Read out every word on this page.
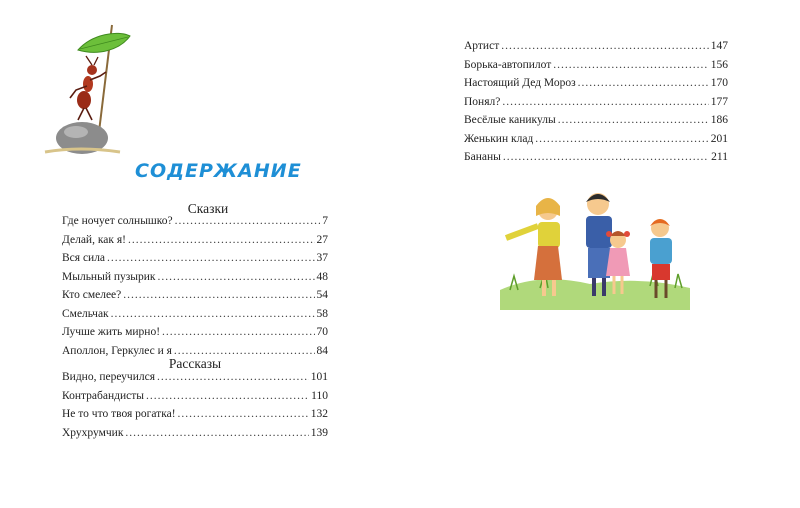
СОДЕРЖАНИЕ
Сказки
Где ночует солнышко? .....	7
Делай, как я! .....	27
Вся сила .....	37
Мыльный пузырик .....	48
Кто смелее? .....	54
Смельчак .....	58
Лучше жить мирно! .....	70
Аполлон, Геркулес и я .....	84
Рассказы
Видно, переучился .....	101
Контрабандисты .....	110
Не то что твоя рогатка! .....	132
Хрухрумчик .....	139
Артист .....	147
Борька-автопилот .....	156
Настоящий Дед Мороз .....	170
Понял? .....	177
Весёлые каникулы .....	186
Женькин клад .....	201
Бананы .....	211
